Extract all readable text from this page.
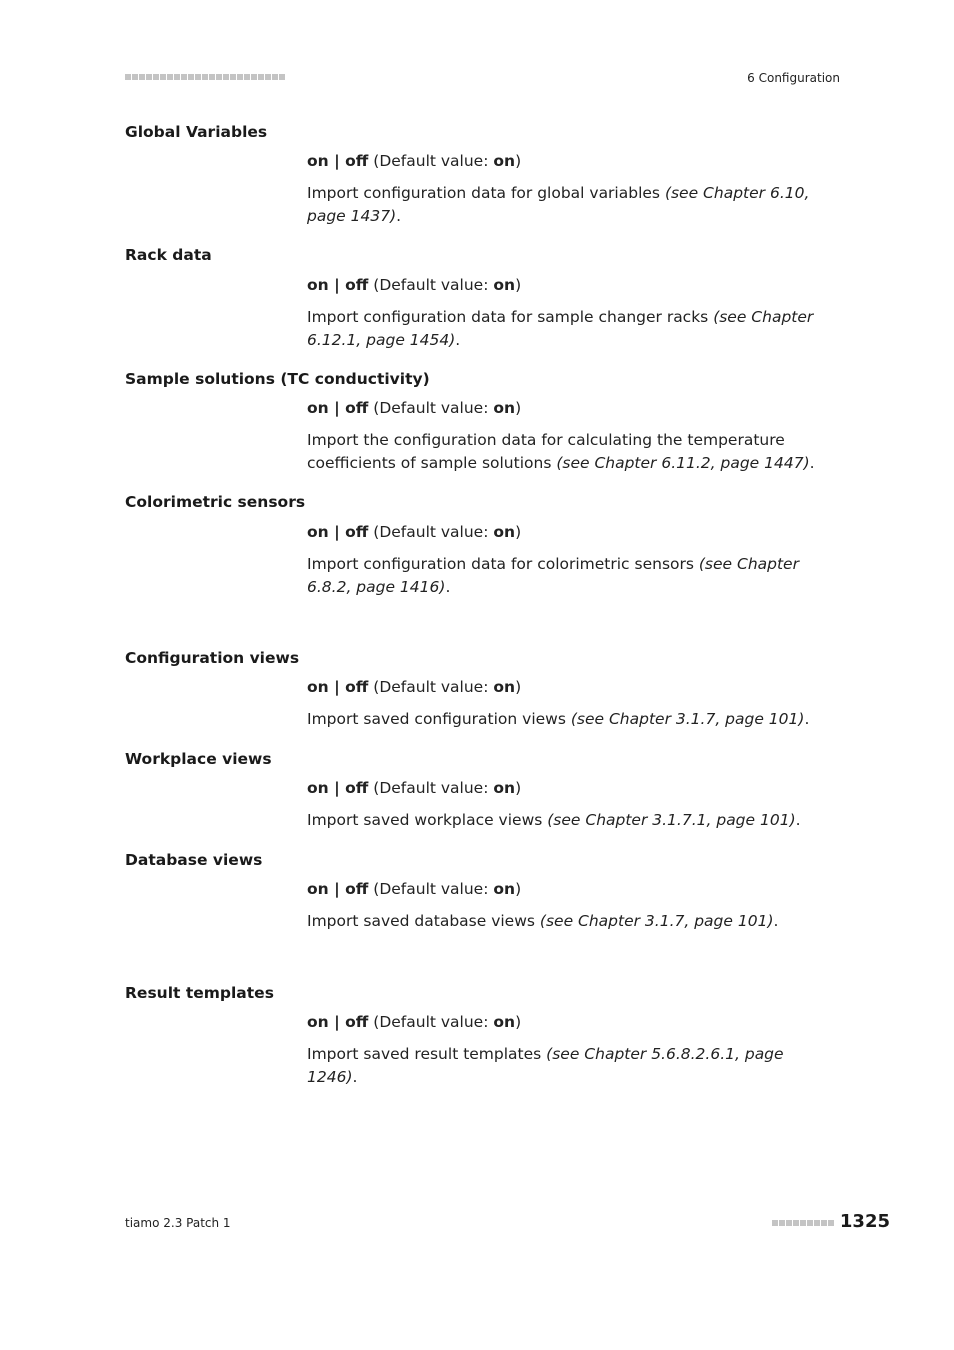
6 Configuration
Global Variables
on | off (Default value: on)
Import configuration data for global variables (see Chapter 6.10, page 1437).
Rack data
on | off (Default value: on)
Import configuration data for sample changer racks (see Chapter 6.12.1, page 1454).
Sample solutions (TC conductivity)
on | off (Default value: on)
Import the configuration data for calculating the temperature coefficients of sample solutions (see Chapter 6.11.2, page 1447).
Colorimetric sensors
on | off (Default value: on)
Import configuration data for colorimetric sensors (see Chapter 6.8.2, page 1416).
Configuration views
on | off (Default value: on)
Import saved configuration views (see Chapter 3.1.7, page 101).
Workplace views
on | off (Default value: on)
Import saved workplace views (see Chapter 3.1.7.1, page 101).
Database views
on | off (Default value: on)
Import saved database views (see Chapter 3.1.7, page 101).
Result templates
on | off (Default value: on)
Import saved result templates (see Chapter 5.6.8.2.6.1, page 1246).
tiamo 2.3 Patch 1	1325
